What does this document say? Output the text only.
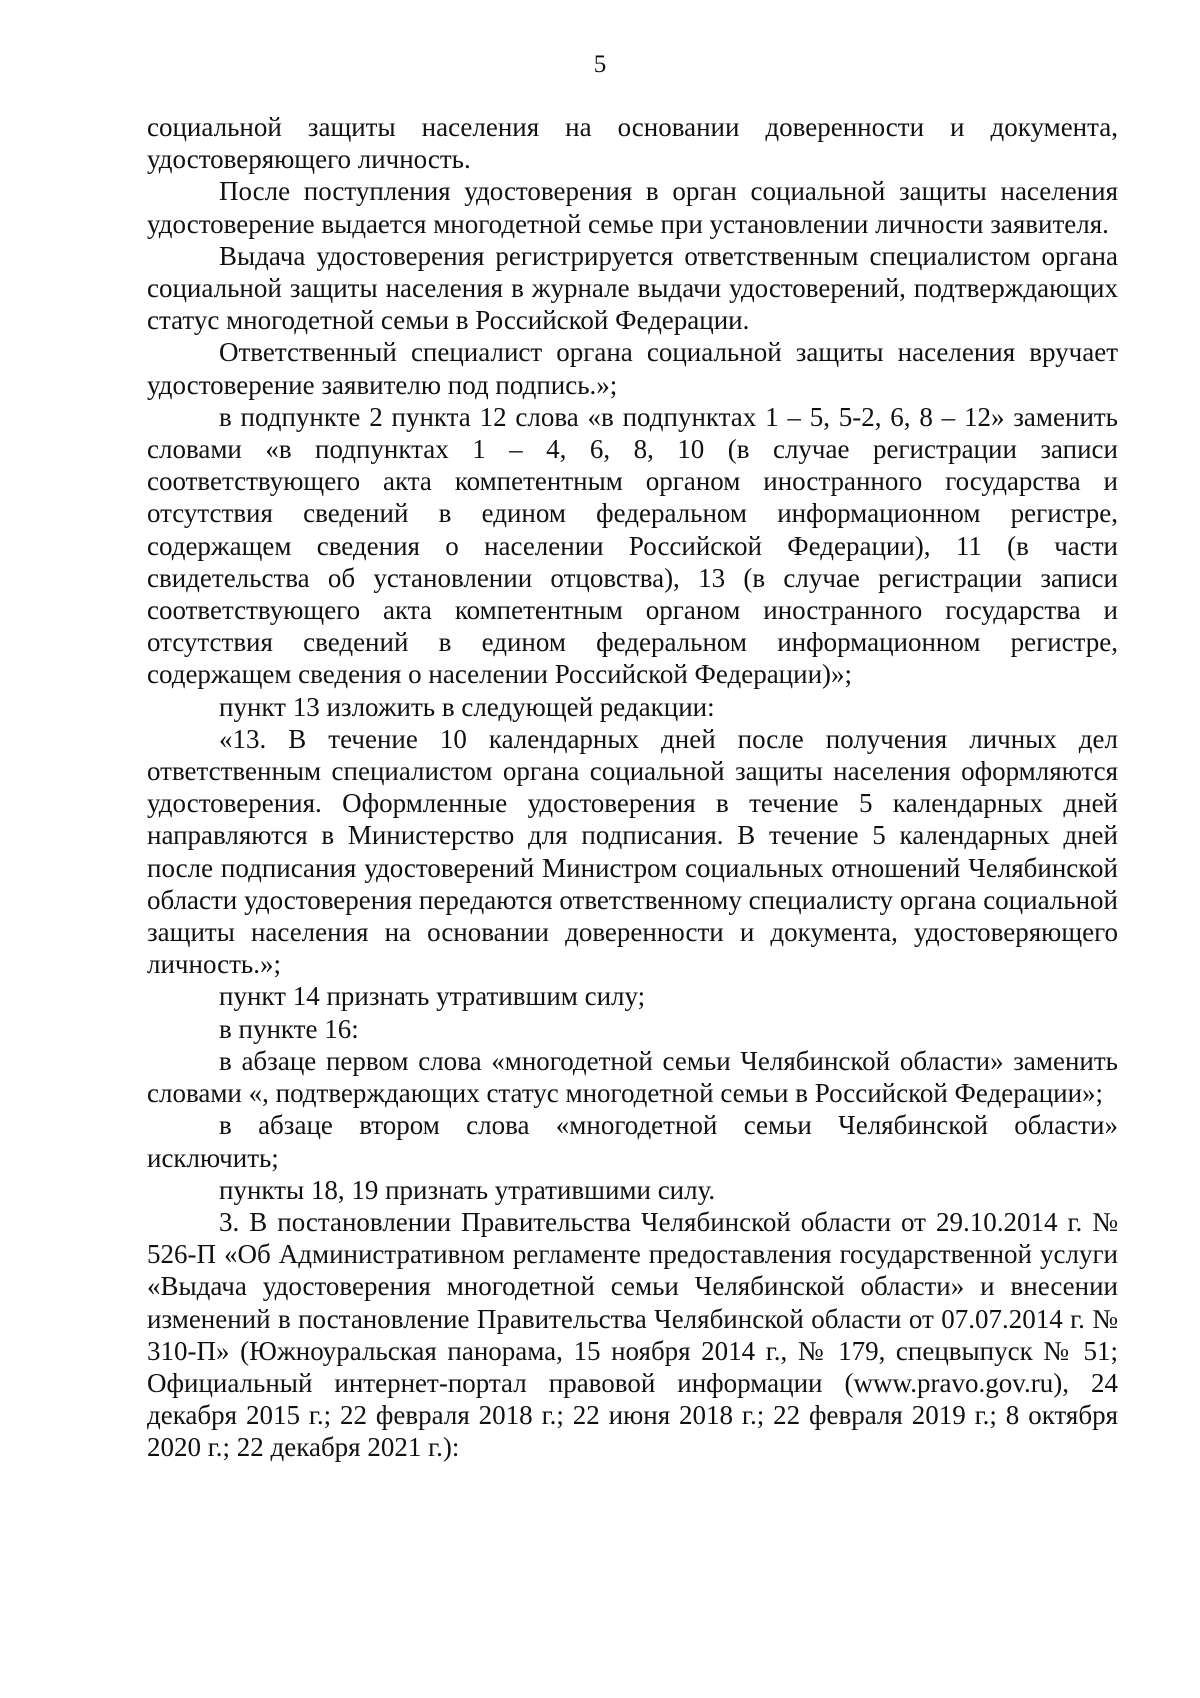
5

социальной защиты населения на основании доверенности и документа, удостоверяющего личность.

После поступления удостоверения в орган социальной защиты населения удостоверение выдается многодетной семье при установлении личности заявителя.

Выдача удостоверения регистрируется ответственным специалистом органа социальной защиты населения в журнале выдачи удостоверений, подтверждающих статус многодетной семьи в Российской Федерации.

Ответственный специалист органа социальной защиты населения вручает удостоверение заявителю под подпись.»;

в подпункте 2 пункта 12 слова «в подпунктах 1 – 5, 5-2, 6, 8 – 12» заменить словами «в подпунктах 1 – 4, 6, 8, 10 (в случае регистрации записи соответствующего акта компетентным органом иностранного государства и отсутствия сведений в едином федеральном информационном регистре, содержащем сведения о населении Российской Федерации), 11 (в части свидетельства об установлении отцовства), 13 (в случае регистрации записи соответствующего акта компетентным органом иностранного государства и отсутствия сведений в едином федеральном информационном регистре, содержащем сведения о населении Российской Федерации)»;

пункт 13 изложить в следующей редакции:

«13. В течение 10 календарных дней после получения личных дел ответственным специалистом органа социальной защиты населения оформляются удостоверения. Оформленные удостоверения в течение 5 календарных дней направляются в Министерство для подписания. В течение 5 календарных дней после подписания удостоверений Министром социальных отношений Челябинской области удостоверения передаются ответственному специалисту органа социальной защиты населения на основании доверенности и документа, удостоверяющего личность.»;

пункт 14 признать утратившим силу;

в пункте 16:

в абзаце первом слова «многодетной семьи Челябинской области» заменить словами «, подтверждающих статус многодетной семьи в Российской Федерации»;

в абзаце втором слова «многодетной семьи Челябинской области» исключить;

пункты 18, 19 признать утратившими силу.

3. В постановлении Правительства Челябинской области от 29.10.2014 г. № 526-П «Об Административном регламенте предоставления государственной услуги «Выдача удостоверения многодетной семьи Челябинской области» и внесении изменений в постановление Правительства Челябинской области от 07.07.2014 г. № 310-П» (Южноуральская панорама, 15 ноября 2014 г., № 179, спецвыпуск № 51; Официальный интернет-портал правовой информации (www.pravo.gov.ru), 24 декабря 2015 г.; 22 февраля 2018 г.; 22 июня 2018 г.; 22 февраля 2019 г.; 8 октября 2020 г.; 22 декабря 2021 г.):
